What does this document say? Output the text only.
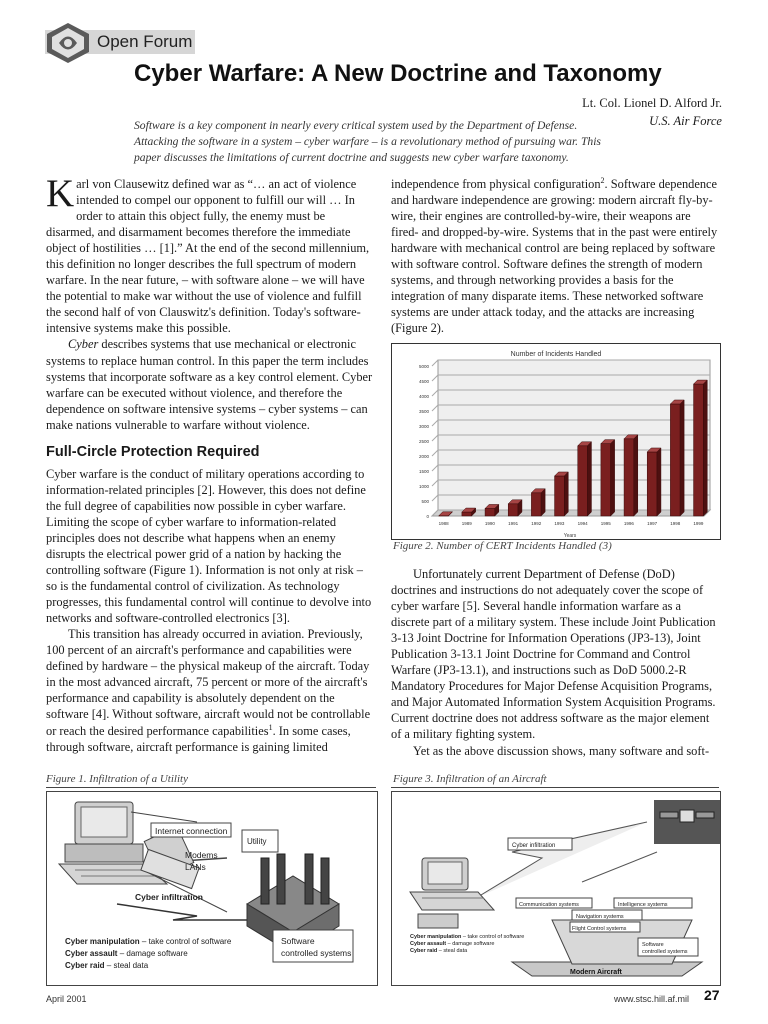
Open Forum
Cyber Warfare: A New Doctrine and Taxonomy
Lt. Col. Lionel D. Alford Jr.
U.S. Air Force
Software is a key component in nearly every critical system used by the Department of Defense. Attacking the software in a system – cyber warfare – is a revolutionary method of pursuing war. This paper discusses the limitations of current doctrine and suggests new cyber warfare taxonomy.

Karl von Clausewitz defined war as “… an act of violence intended to compel our opponent to fulfill our will … In order to attain this object fully, the enemy must be disarmed, and disarmament becomes therefore the immediate object of hostilities … [1].” At the end of the second millennium, this definition no longer describes the full spectrum of modern warfare. In the near future, – with software alone – we will have the potential to make war without the use of violence and fulfill the second half of von Clauswitz's definition. Today's software-intensive systems make this possible.

Cyber describes systems that use mechanical or electronic systems to replace human control. In this paper the term includes systems that incorporate software as a key control element. Cyber warfare can be executed without violence, and therefore the dependence on software intensive systems – cyber systems – can make nations vulnerable to warfare without violence.

Full-Circle Protection Required

Cyber warfare is the conduct of military operations according to information-related principles [2]. However, this does not define the full degree of capabilities now possible in cyber warfare. Limiting the scope of cyber warfare to information-related principles does not describe what happens when an enemy disrupts the electrical power grid of a nation by hacking the controlling software (Figure 1). Information is not only at risk – so is the fundamental control of civilization. As technology progresses, this fundamental control will continue to devolve into networks and software-controlled electronics [3].

This transition has already occurred in aviation. Previously, 100 percent of an aircraft's performance and capabilities were defined by hardware – the physical makeup of the aircraft. Today in the most advanced aircraft, 75 percent or more of the aircraft's performance and capability is absolutely dependent on the software [4]. Without software, aircraft would not be controllable or reach the desired performance capabilities$^1$. In some cases, through software, aircraft performance is gaining limited

independence from physical configuration$^2$. Software dependence and hardware independence are growing: modern aircraft fly-by-wire, their engines are controlled-by-wire, their weapons are fired- and dropped-by-wire. Systems that in the past were entirely hardware with mechanical control are being replaced by software with software control. Software defines the strength of modern systems, and through networking provides a basis for the integration of many disparate items. These networked software systems are under attack today, and the attacks are increasing (Figure 2).

Number of Incidents Handled
Years
0
500
1000
1500
2000
2500
3000
3500
4000
4500
5000
1988	1989	1990	1991	1992	1993	1994	1995	1996	1997	1998	1999
Figure 2. Number of CERT Incidents Handled (3)

Unfortunately current Department of Defense (DoD) doctrines and instructions do not adequately cover the scope of cyber warfare [5]. Several handle information warfare as a discrete part of a military system. These include Joint Publication 3-13 Joint Doctrine for Information Operations (JP3-13), Joint Publication 3-13.1 Joint Doctrine for Command and Control Warfare (JP3-13.1), and instructions such as DoD 5000.2-R Mandatory Procedures for Major Defense Acquisition Programs, and Major Automated Information System Acquisition Programs. Current doctrine does not address software as the major element of a military fighting system.

Yet as the above discussion shows, many software and soft-

Figure 1. Infiltration of a Utility	Figure 3. Infiltration of an Aircraft
Internet connection
Utility
Modems
LANs
Cyber infiltration
Cyber manipulation – take control of software
Cyber assault – damage software
Cyber raid – steal data
Software
controlled systems
Cyber infiltration
Communication systems	Intelligence systems
Navigation systems
Flight Control systems
Cyber manipulation – take control of software
Cyber assault – damage software
Cyber raid – steal data
Software
controlled systems
Modern Aircraft
April 2001	www.stsc.hill.af.mil 27
